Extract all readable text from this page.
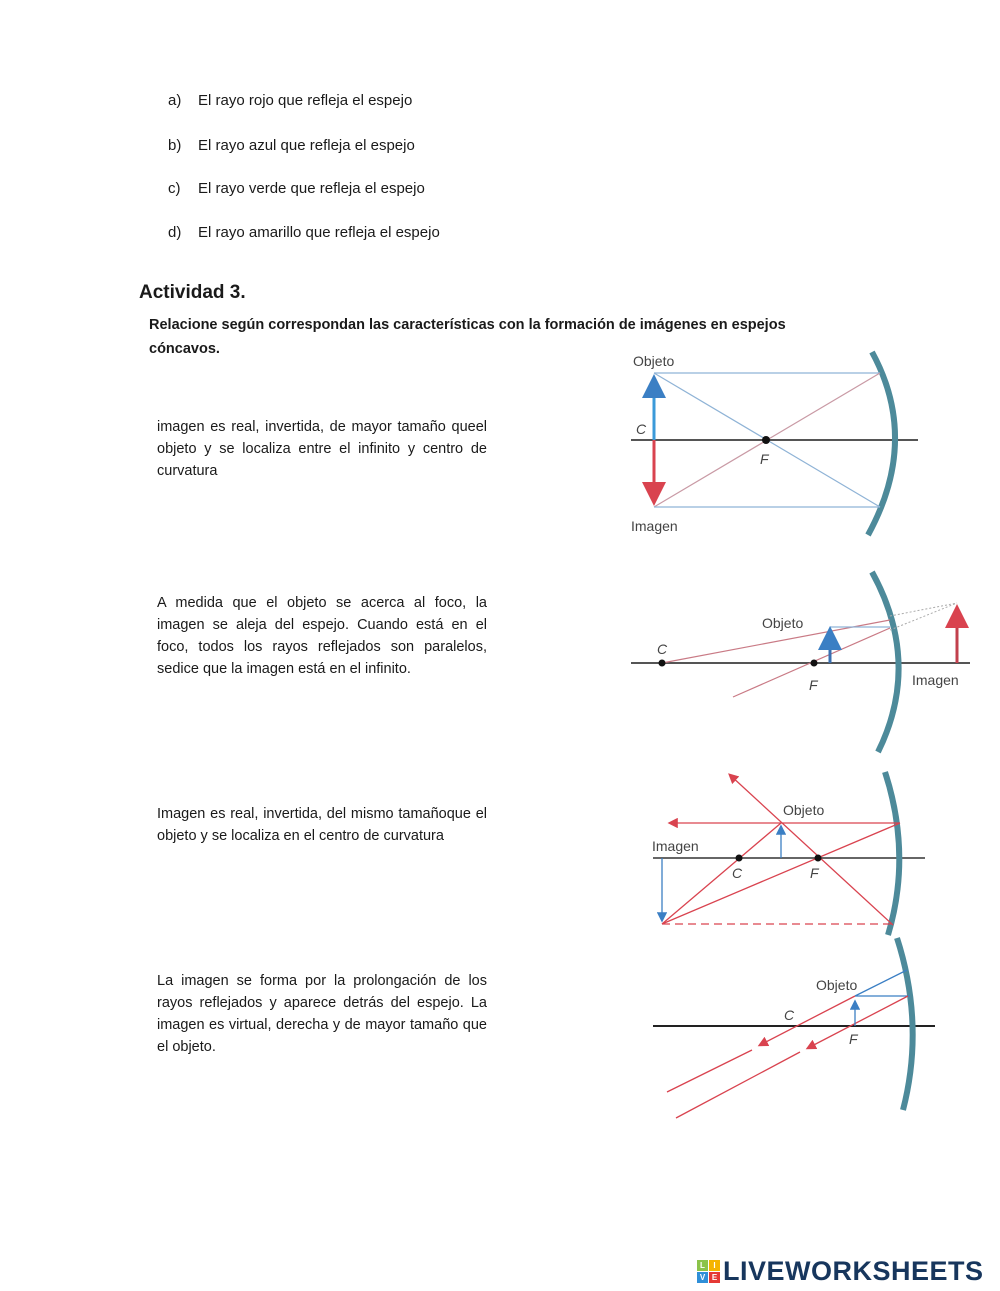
a) El rayo rojo que refleja el espejo
b) El rayo azul que refleja el espejo
c) El rayo verde que refleja el espejo
d) El rayo amarillo que refleja el espejo
Actividad 3.

Relacione según correspondan las características con la formación de imágenes en espejos cóncavos.

imagen es real, invertida, de mayor tamaño queel objeto y se localiza entre el infinito y centro de curvatura

A medida que el objeto se acerca al foco, la imagen se aleja del espejo. Cuando está en el foco, todos los rayos reflejados son paralelos, sedice que la imagen está en el infinito.

Imagen es real, invertida, del mismo tamañoque el objeto y se localiza en el centro de curvatura

La imagen se forma por la prolongación de los rayos reflejados y aparece detrás del espejo. La imagen es virtual, derecha y de mayor tamaño que el objeto.

Objeto
Imagen
C
F
Objeto
Imagen
C
F
Objeto
Imagen
C	F
Objeto
C
F
L	I
V E LIVEWORKSHEETS
